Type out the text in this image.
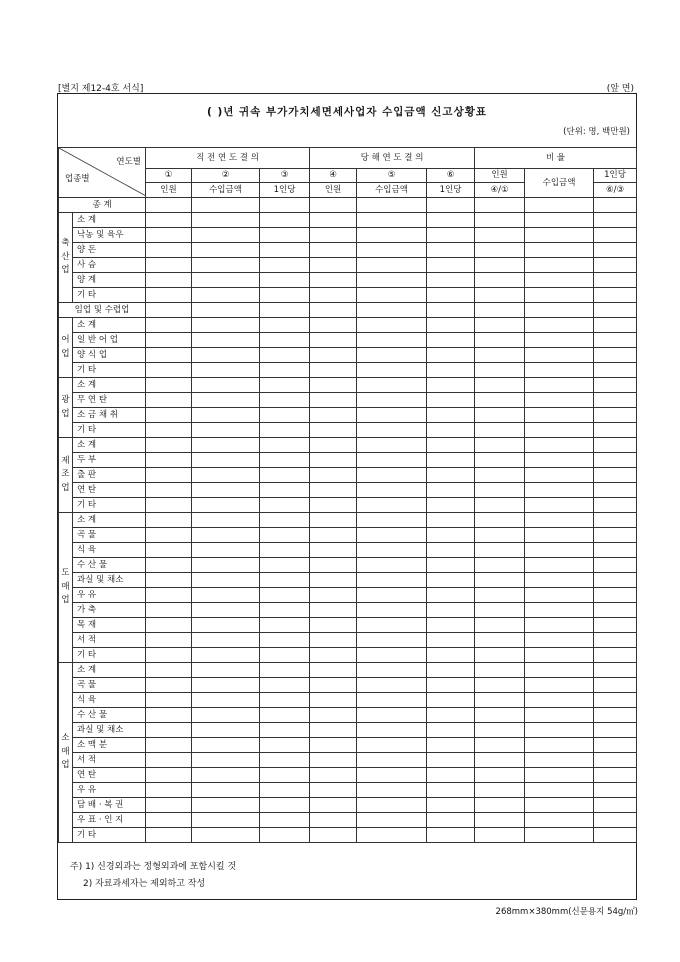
[별지 제12-4호 서식]	(앞 면)
( )년 귀속 부가가치세면세사업자 수입금액 신고상황표
(단위: 명, 백만원)
연도별
업종별		직 전 연 도 결 의			당 해 연 도 결 의			비 율		
		①	②	③	④	⑤	⑥	인원	수입금액	1인당
		인원	수입금액	1인당	인원	수입금액	1인당	④/①		⑥/③
종 계										

축
산
업	소 계									
	낙농 및 육우									
	양 돈									
	사 슴									
	양 계									
	기 타									
임업 및 수렵업										

어
업	소 계									
	일 반 어 업									
	양 식 업									
	기 타									

광
업	소 계									
	무 연 탄									
	소 금 채 취									
	기 타									

제
조
업	소 계									
	두 부									
	출 판									
	연 탄									
	기 타									

도
매
업	소 계									
	곡 물									
	식 육									
	수 산 물									
	과실 및 채소									
	우 유									
	가 축									
	목 재									
	서 적									
	기 타									

소
매
업	소 계									
	곡 물									
	식 육									
	수 산 물									
	과실 및 채소									
	소 맥 분									
	서 적									
	연 탄									
	우 유									
	담 배 · 복 권									
	우 표 · 인 지									
	기 타									
주) 1) 신경외과는 정형외과에 포함시킬 것
2) 자료과세자는 제외하고 작성
268mm×380mm(신문용지 54g/㎡)
